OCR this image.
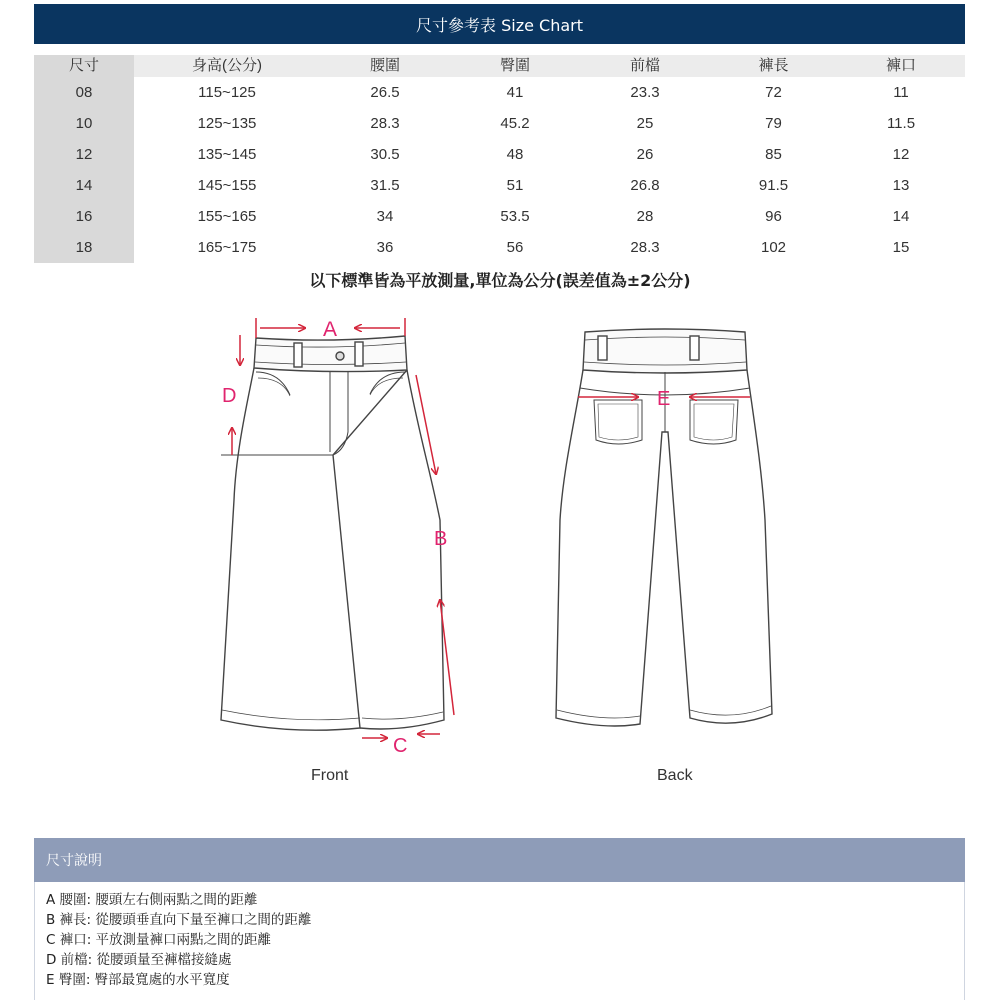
尺寸參考表 Size Chart
尺寸	身高(公分)	腰圍	臀圍	前檔	褲長	褲口
08	115~125	26.5	41	23.3	72	11
10	125~135	28.3	45.2	25	79	11.5
12	135~145	30.5	48	26	85	12
14	145~155	31.5	51	26.8	91.5	13
16	155~165	34	53.5	28	96	14
18	165~175	36	56	28.3	102	15
以下標準皆為平放測量,單位為公分(誤差值為±2公分)
A
D
B
C
Front
E
Back
尺寸說明
A 腰圍: 腰頭左右側兩點之間的距離
B 褲長: 從腰頭垂直向下量至褲口之間的距離
C 褲口: 平放測量褲口兩點之間的距離
D 前檔: 從腰頭量至褲檔接縫處
E 臀圍: 臀部最寬處的水平寬度
